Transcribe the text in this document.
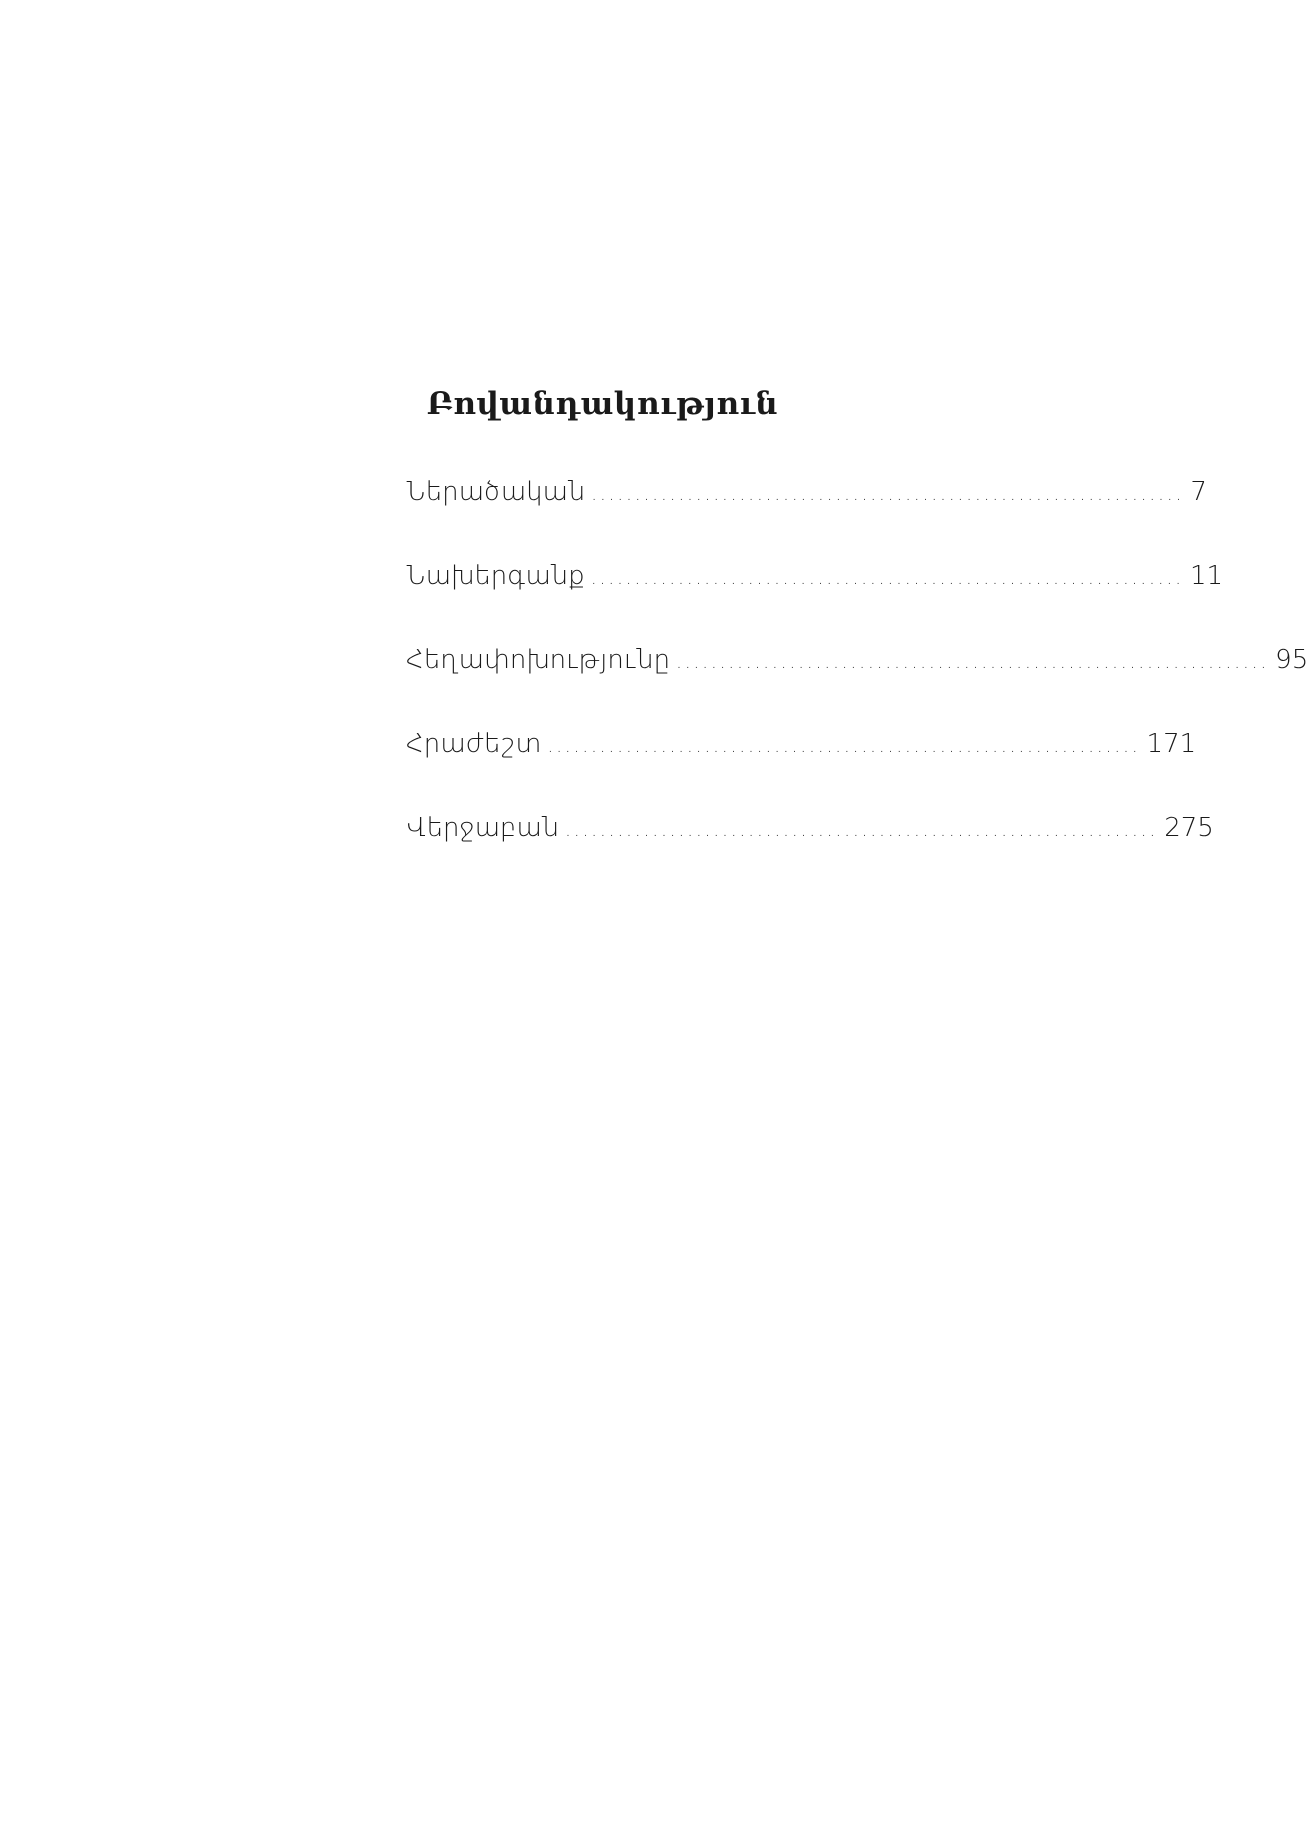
Բովանդակություն
Ներածական .................................................................... 7
Նախերգանք .................................................................... 11
Հեղափոխությունը .................................................................... 95
Հրաժեշտ .................................................................... 171
Վերջաբան .................................................................... 275
